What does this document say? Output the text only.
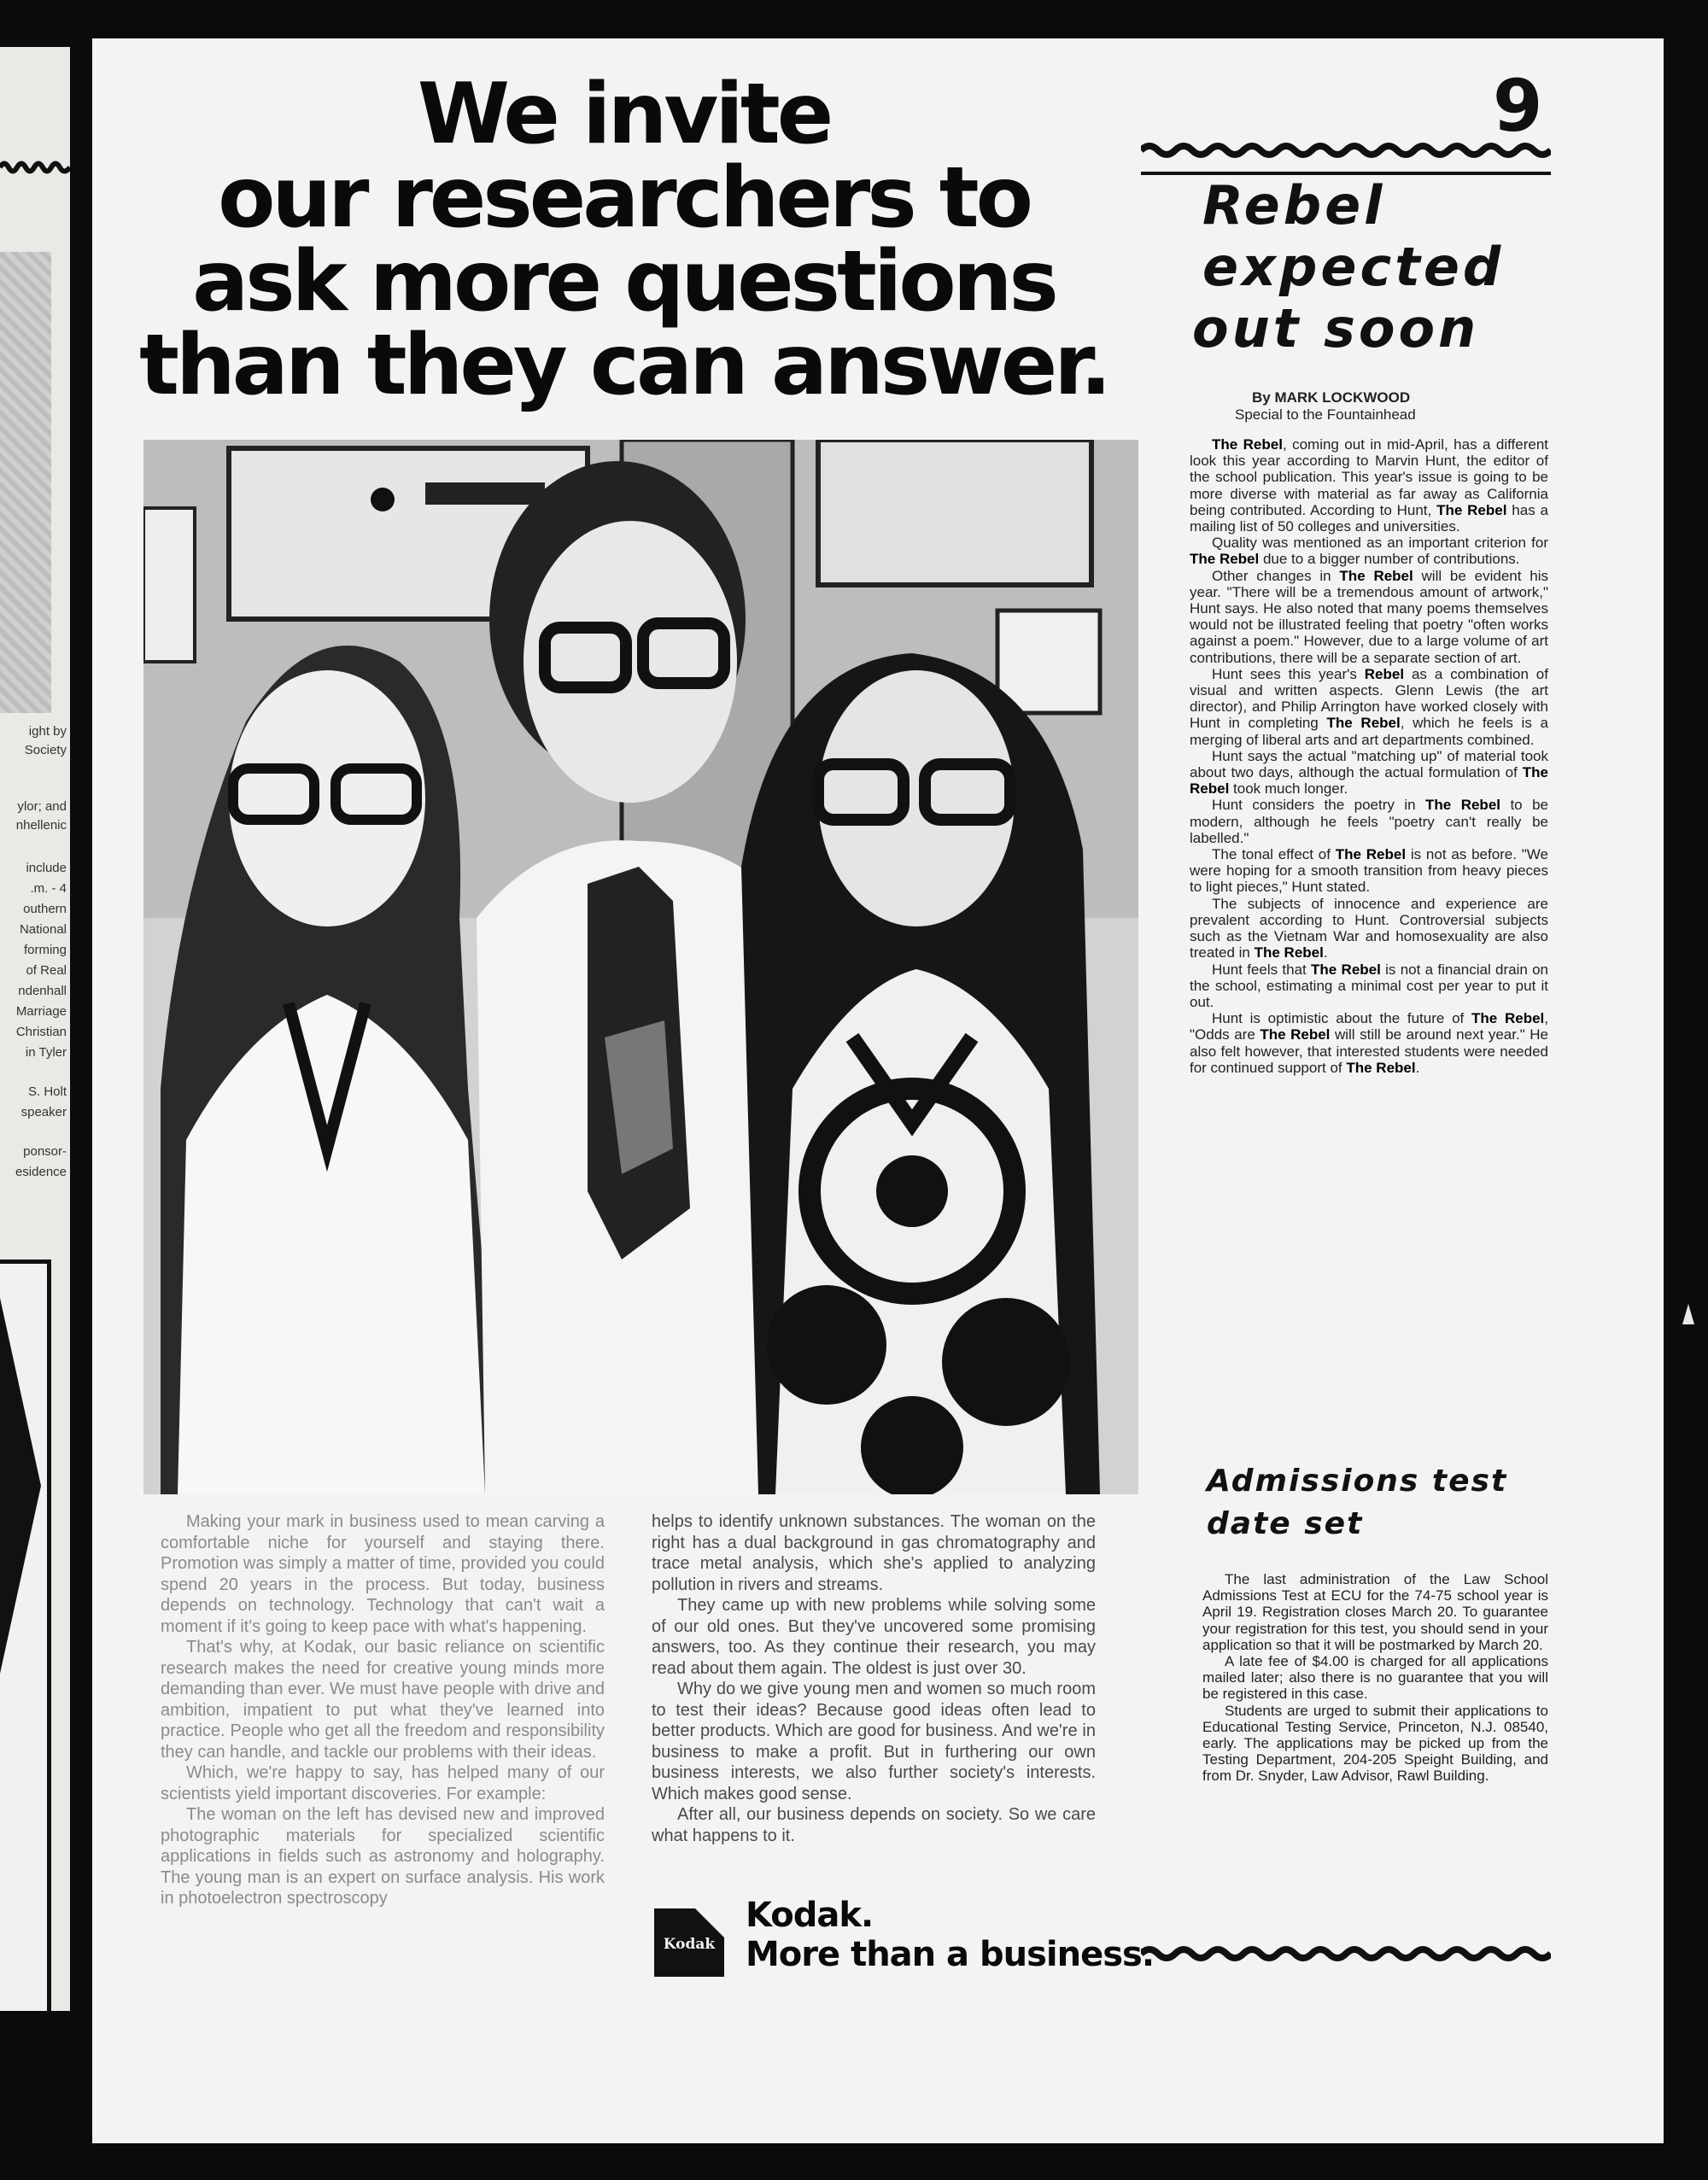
ight by
Society
ylor; and
nhellenic
include
.m. - 4
outhern
National
forming
of Real
ndenhall
Marriage
Christian
in Tyler
S. Holt
speaker
ponsor-
esidence
We invite
our researchers to
ask more questions
than they can answer.

Making your mark in business used to mean carving a comfortable niche for yourself and staying there. Promotion was simply a matter of time, provided you could spend 20 years in the process. But today, business depends on technology. Technology that can't wait a moment if it's going to keep pace with what's happening.

That's why, at Kodak, our basic reliance on scientific research makes the need for creative young minds more demanding than ever. We must have people with drive and ambition, impatient to put what they've learned into practice. People who get all the freedom and responsibility they can handle, and tackle our problems with their ideas.

Which, we're happy to say, has helped many of our scientists yield important discoveries. For example:

The woman on the left has devised new and improved photographic materials for specialized scientific applications in fields such as astronomy and holography. The young man is an expert on surface analysis. His work in photoelectron spectroscopy

helps to identify unknown substances. The woman on the right has a dual background in gas chromatography and trace metal analysis, which she's applied to analyzing pollution in rivers and streams.

They came up with new problems while solving some of our old ones. But they've uncovered some promising answers, too. As they continue their research, you may read about them again. The oldest is just over 30.

Why do we give young men and women so much room to test their ideas? Because good ideas often lead to better products. Which are good for business. And we're in business to make a profit. But in furthering our own business interests, we also further society's interests. Which makes good sense.

After all, our business depends on society. So we care what happens to it.

Kodak
Kodak.
More than a business.
9
Rebel
expected
out soon
By MARK LOCKWOOD
Special to the Fountainhead

The Rebel, coming out in mid-April, has a different look this year according to Marvin Hunt, the editor of the school publication. This year's issue is going to be more diverse with material as far away as California being contributed. According to Hunt, The Rebel has a mailing list of 50 colleges and universities.

Quality was mentioned as an important criterion for The Rebel due to a bigger number of contributions.

Other changes in The Rebel will be evident his year. "There will be a tremendous amount of artwork," Hunt says. He also noted that many poems themselves would not be illustrated feeling that poetry "often works against a poem." However, due to a large volume of art contributions, there will be a separate section of art.

Hunt sees this year's Rebel as a combination of visual and written aspects. Glenn Lewis (the art director), and Philip Arrington have worked closely with Hunt in completing The Rebel, which he feels is a merging of liberal arts and art departments combined.

Hunt says the actual "matching up" of material took about two days, although the actual formulation of The Rebel took much longer.

Hunt considers the poetry in The Rebel to be modern, although he feels "poetry can't really be labelled."

The tonal effect of The Rebel is not as before. "We were hoping for a smooth transition from heavy pieces to light pieces," Hunt stated.

The subjects of innocence and experience are prevalent according to Hunt. Controversial subjects such as the Vietnam War and homosexuality are also treated in The Rebel.

Hunt feels that The Rebel is not a financial drain on the school, estimating a minimal cost per year to put it out.

Hunt is optimistic about the future of The Rebel, "Odds are The Rebel will still be around next year." He also felt however, that interested students were needed for continued support of The Rebel.

Admissions test
date set

The last administration of the Law School Admissions Test at ECU for the 74-75 school year is April 19. Registration closes March 20. To guarantee your registration for this test, you should send in your application so that it will be postmarked by March 20.

A late fee of $4.00 is charged for all applications mailed later; also there is no guarantee that you will be registered in this case.

Students are urged to submit their applications to Educational Testing Service, Princeton, N.J. 08540, early. The applications may be picked up from the Testing Department, 204-205 Speight Building, and from Dr. Snyder, Law Advisor, Rawl Building.
